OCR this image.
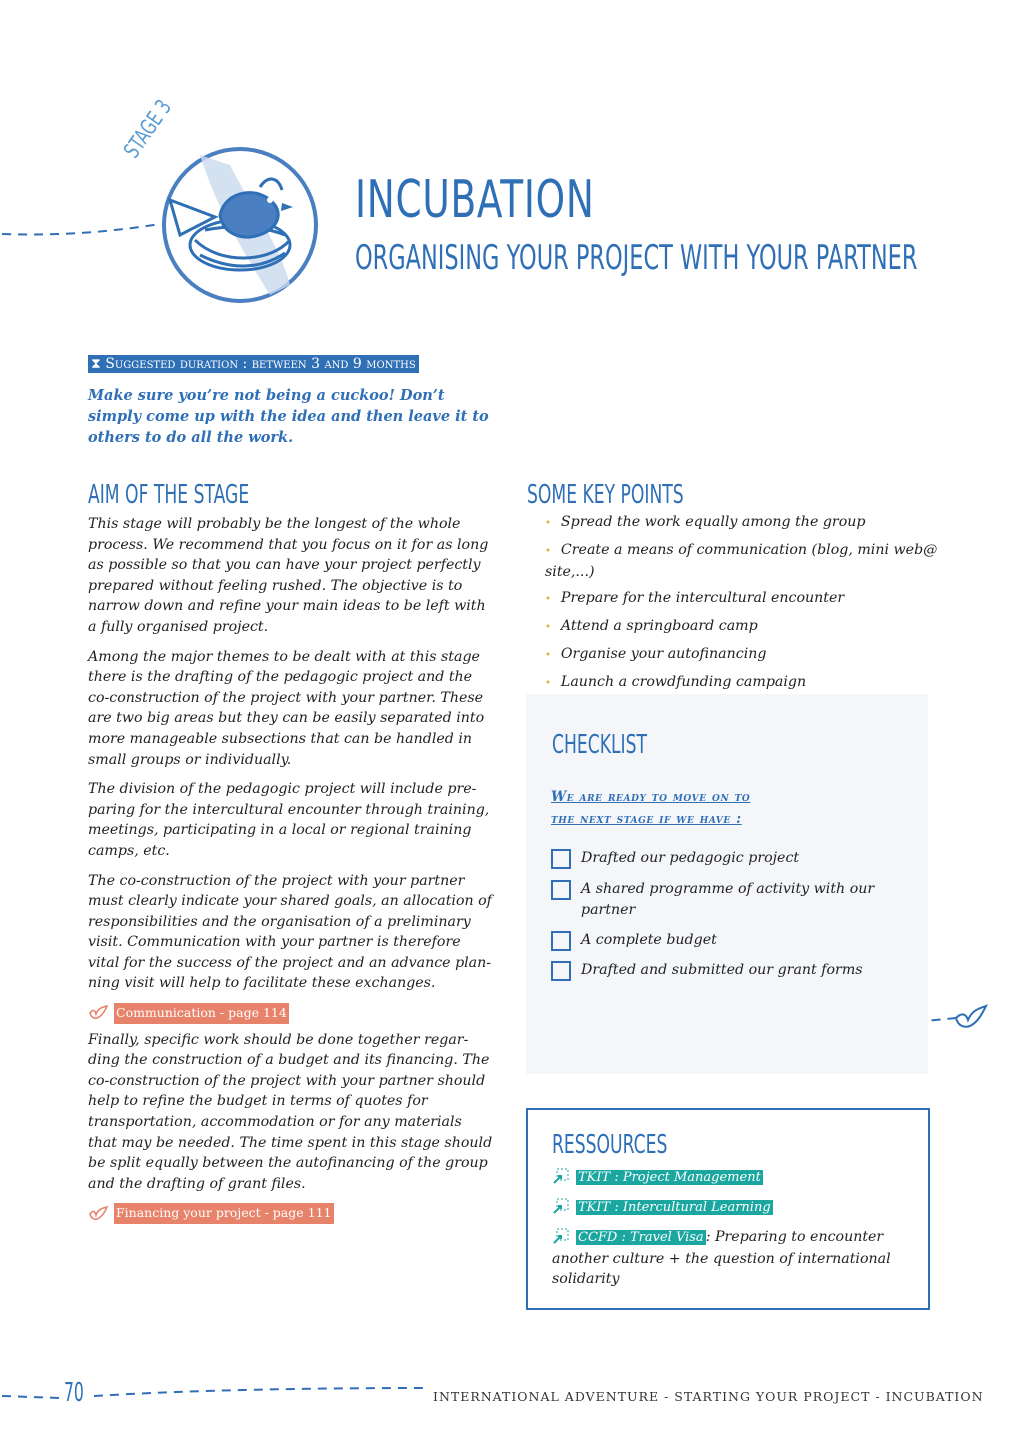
STAGE 3
INCUBATION
ORGANISING YOUR PROJECT WITH YOUR PARTNER
⧗ Suggested duration : between 3 and 9 months
Make sure you’re not being a cuckoo! Don’t simply come up with the idea and then leave it to others to do all the work.
AIM OF THE STAGE

This stage will probably be the longest of the whole process. We recommend that you focus on it for as long as possible so that you can have your project perfectly prepared without feeling rushed. The objective is to narrow down and refine your main ideas to be left with a fully organised project.

Among the major themes to be dealt with at this stage there is the drafting of the pedagogic project and the co-construction of the project with your partner. These are two big areas but they can be easily separated into more manageable subsections that can be handled in small groups or individually.

The division of the pedagogic project will include pre-paring for the intercultural encounter through training, meetings, participating in a local or regional training camps, etc.

The co-construction of the project with your partner must clearly indicate your shared goals, an allocation of responsibilities and the organisation of a preliminary visit. Communication with your partner is therefore vital for the success of the project and an advance plan-ning visit will help to facilitate these exchanges.

Communication - page 114

Finally, specific work should be done together regar-ding the construction of a budget and its financing. The co-construction of the project with your partner should help to refine the budget in terms of quotes for transportation, accommodation or for any materials that may be needed. The time spent in this stage should be split equally between the autofinancing of the group and the drafting of grant files.

Financing your project - page 111
SOME KEY POINTS
• Spread the work equally among the group
• Create a means of communication (blog, mini web@ site,...)
• Prepare for the intercultural encounter
• Attend a springboard camp
• Organise your autofinancing
• Launch a crowdfunding campaign
CHECKLIST
We are ready to move on to
the next stage if we have :
Drafted our pedagogic project
A shared programme of activity with our partner
A complete budget
Drafted and submitted our grant forms
RESSOURCES
TKIT : Project Management
TKIT : Intercultural Learning
CCFD : Travel Visa : Preparing to encounter another culture + the question of international solidarity
70	INTERNATIONAL ADVENTURE - STARTING YOUR PROJECT - INCUBATION
